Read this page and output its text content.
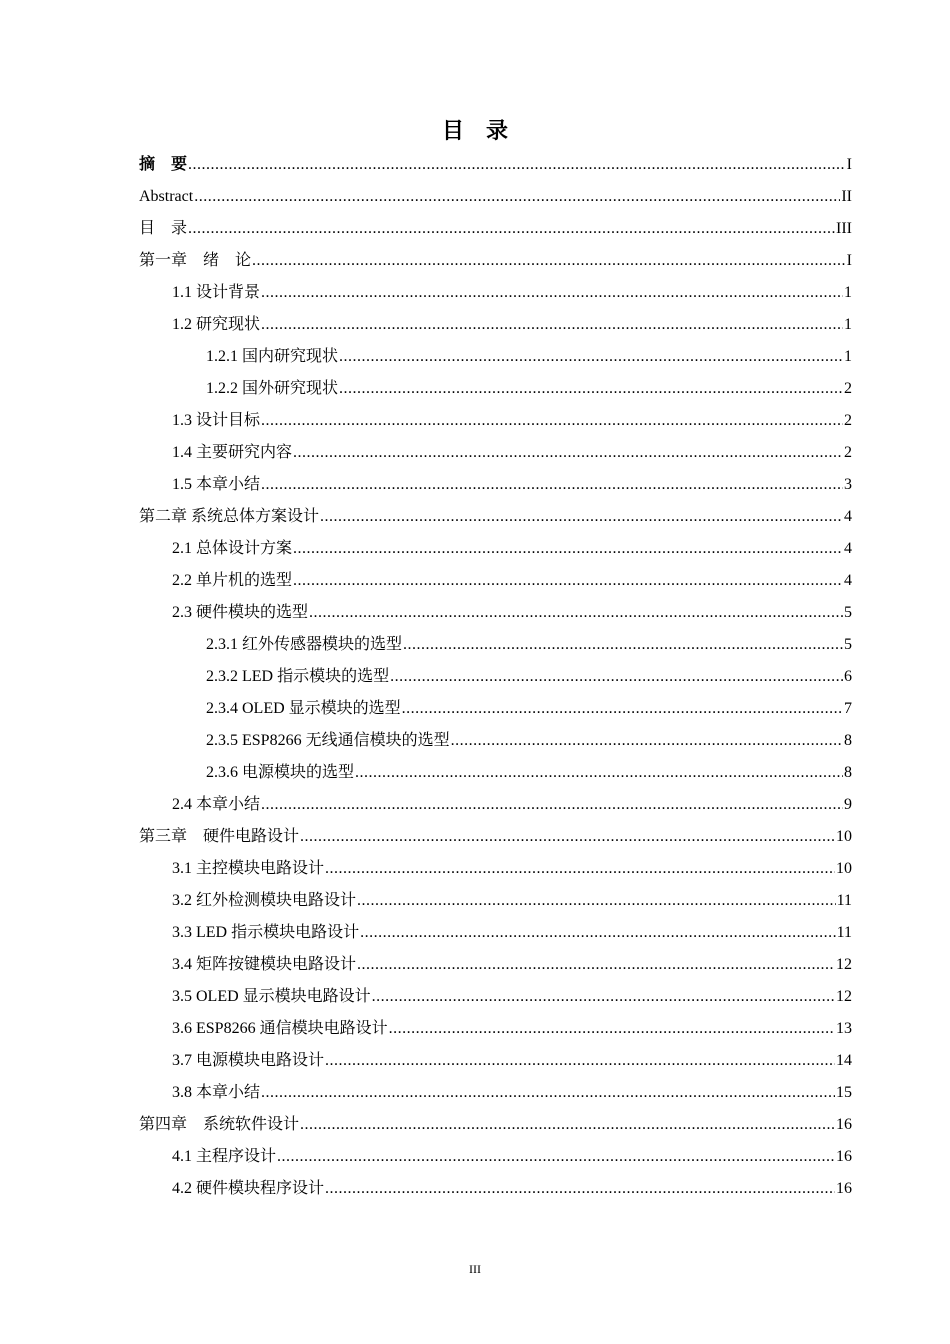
目　录
摘　要 .....	I
Abstract .....	II
目　录 .....	III
第一章　绪　论 .....	I
1.1 设计背景 .....	1
1.2 研究现状 .....	1
1.2.1 国内研究现状 .....	1
1.2.2 国外研究现状 .....	2
1.3 设计目标 .....	2
1.4 主要研究内容 .....	2
1.5 本章小结 .....	3
第二章 系统总体方案设计 .....	4
2.1 总体设计方案 .....	4
2.2 单片机的选型 .....	4
2.3 硬件模块的选型 .....	5
2.3.1 红外传感器模块的选型 .....	5
2.3.2 LED 指示模块的选型 .....	6
2.3.4 OLED 显示模块的选型 .....	7
2.3.5 ESP8266 无线通信模块的选型 .....	8
2.3.6 电源模块的选型 .....	8
2.4 本章小结 .....	9
第三章　硬件电路设计 .....	10
3.1 主控模块电路设计 .....	10
3.2 红外检测模块电路设计 .....	11
3.3 LED 指示模块电路设计 .....	11
3.4 矩阵按键模块电路设计 .....	12
3.5 OLED 显示模块电路设计 .....	12
3.6 ESP8266 通信模块电路设计 .....	13
3.7 电源模块电路设计 .....	14
3.8 本章小结 .....	15
第四章　系统软件设计 .....	16
4.1 主程序设计 .....	16
4.2 硬件模块程序设计 .....	16
III
